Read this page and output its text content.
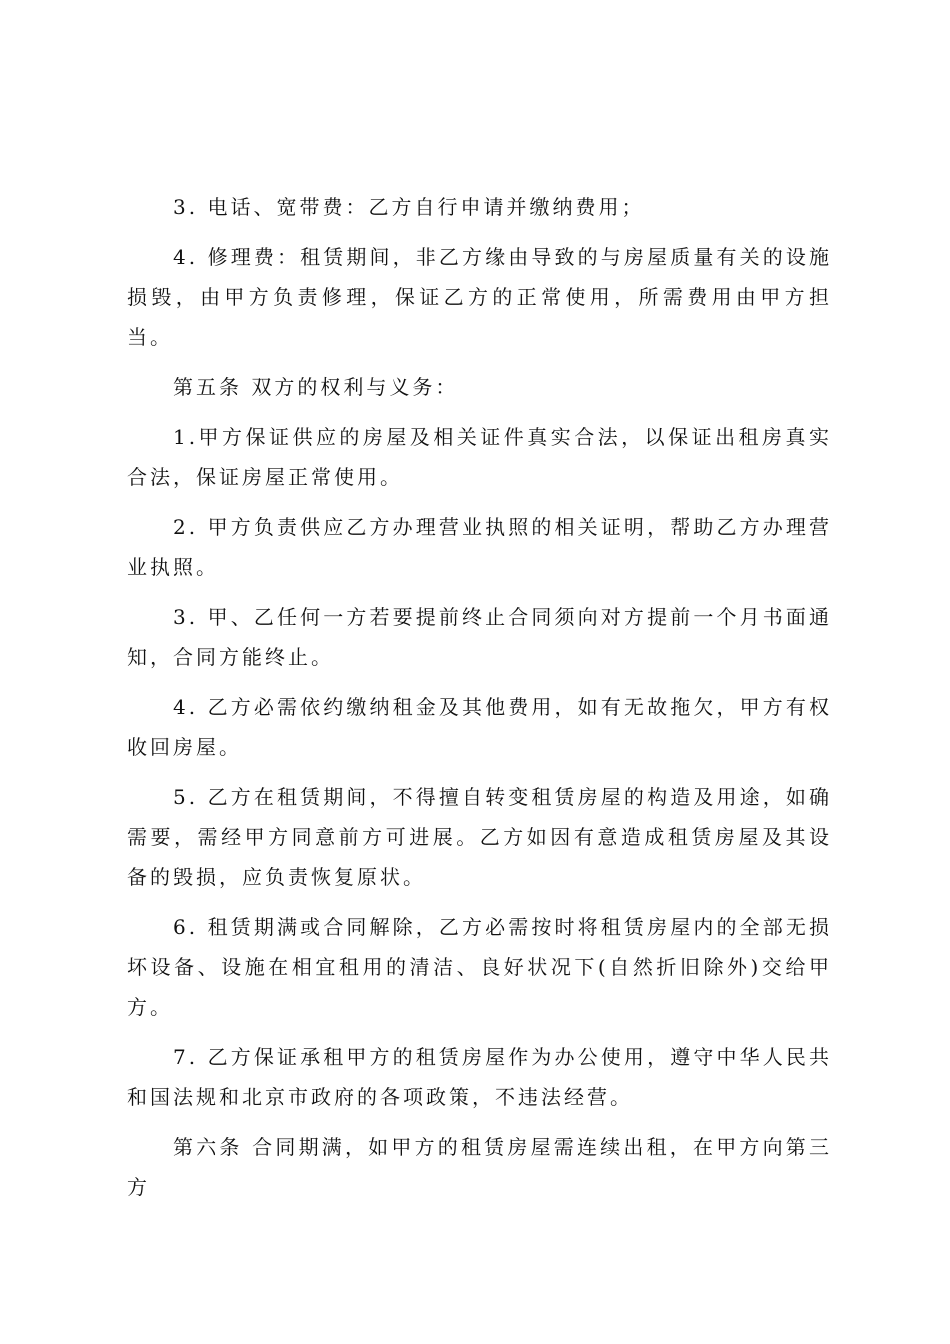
3. 电话、宽带费：乙方自行申请并缴纳费用；

4. 修理费：租赁期间，非乙方缘由导致的与房屋质量有关的设施损毁，由甲方负责修理，保证乙方的正常使用，所需费用由甲方担当。

第五条 双方的权利与义务：

1.甲方保证供应的房屋及相关证件真实合法，以保证出租房真实合法，保证房屋正常使用。

2. 甲方负责供应乙方办理营业执照的相关证明，帮助乙方办理营业执照。

3. 甲、乙任何一方若要提前终止合同须向对方提前一个月书面通知，合同方能终止。

4. 乙方必需依约缴纳租金及其他费用，如有无故拖欠，甲方有权收回房屋。

5. 乙方在租赁期间，不得擅自转变租赁房屋的构造及用途，如确需要，需经甲方同意前方可进展。乙方如因有意造成租赁房屋及其设备的毁损，应负责恢复原状。

6. 租赁期满或合同解除，乙方必需按时将租赁房屋内的全部无损坏设备、设施在相宜租用的清洁、良好状况下(自然折旧除外)交给甲方。

7. 乙方保证承租甲方的租赁房屋作为办公使用，遵守中华人民共和国法规和北京市政府的各项政策，不违法经营。

第六条 合同期满，如甲方的租赁房屋需连续出租，在甲方向第三方
